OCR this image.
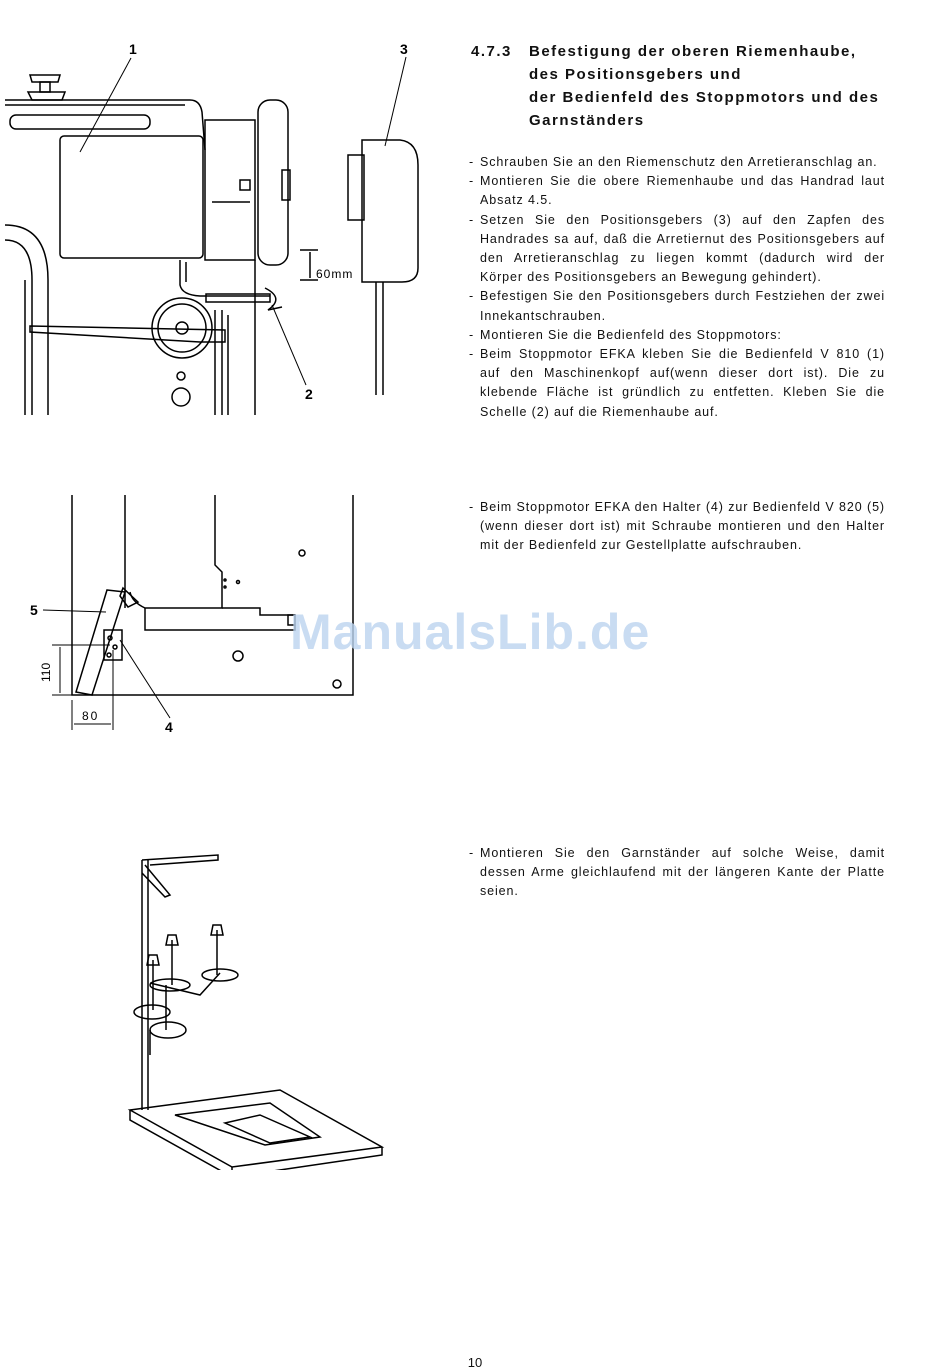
1	3
2
60mm
5
4
110
80
4.7.3 Befestigung der oberen Riemenhaube,
des Positionsgebers und
der Bedienfeld des Stoppmotors und des
Garnständers
- Schrauben Sie an den Riemenschutz den Arretieranschlag an.
- Montieren Sie die obere Riemenhaube und das Handrad laut Absatz 4.5.
- Setzen Sie den Positionsgebers (3) auf den Zapfen des Handrades sa auf, daß die Arretiernut des Positionsgebers auf den Arretieranschlag zu liegen kommt (dadurch wird der Körper des Positionsgebers an Bewegung gehindert).
- Befestigen Sie den Positionsgebers durch Festziehen der zwei Innekantschrauben.
- Montieren Sie die Bedienfeld des Stoppmotors:
- Beim Stoppmotor EFKA kleben Sie die Bedienfeld V 810 (1) auf den Maschinenkopf auf(wenn dieser dort ist). Die zu klebende Fläche ist gründlich zu entfetten. Kleben Sie die Schelle (2) auf die Riemenhaube auf.
- Beim Stoppmotor EFKA den Halter (4) zur Bedienfeld V 820 (5) (wenn dieser dort ist) mit Schraube montieren und den Halter mit der Bedienfeld zur Gestellplatte aufschrauben.
- Montieren Sie den Garnständer auf solche Weise, damit dessen Arme gleichlaufend mit der längeren Kante der Platte seien.
ManualsLib.de
10
